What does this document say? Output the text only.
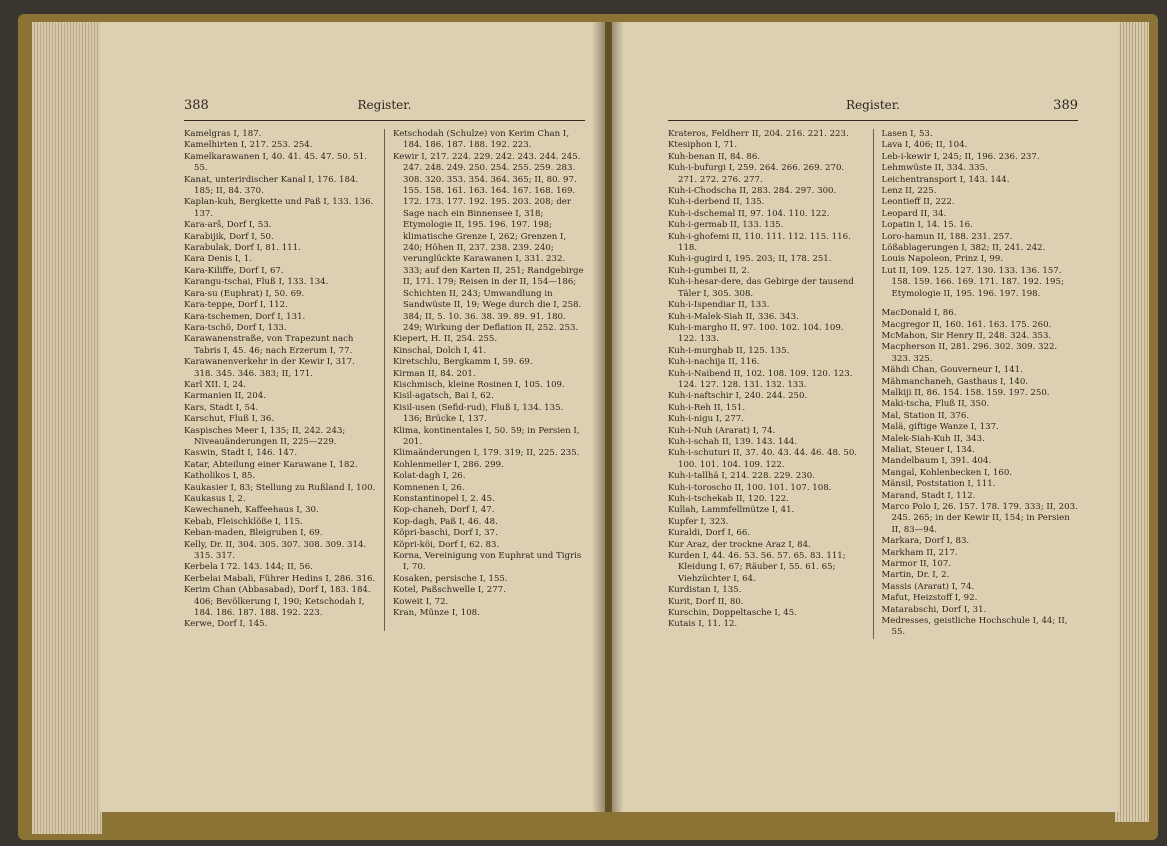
388	Register.

Kamelgras I, 187.

Kamelhirten I, 217. 253. 254.

Kamelkarawanen I, 40. 41. 45. 47. 50. 51. 55.

Kanat, unterirdischer Kanal I, 176. 184. 185; II, 84. 370.

Kaplan-kuh, Bergkette und Paß I, 133. 136. 137.

Kara-arš, Dorf I, 53.

Karabijik, Dorf I, 50.

Karabulak, Dorf I, 81. 111.

Kara Denis I, 1.

Kara-Kiliffe, Dorf I, 67.

Karangu-tschai, Fluß I, 133. 134.

Kara-su (Euphrat) I, 50. 69.

Kara-teppe, Dorf I, 112.

Kara-tschemen, Dorf I, 131.

Kara-tschö, Dorf I, 133.

Karawanenstraße, von Trapezunt nach Tabris I, 45. 46; nach Erzerum I, 77.

Karawanenverkehr in der Kewir I, 317. 318. 345. 346. 383; II, 171.

Karl XII. I, 24.

Karmanien II, 204.

Kars, Stadt I, 54.

Karschut, Fluß I, 36.

Kaspisches Meer I, 135; II, 242. 243; Niveauänderungen II, 225—229.

Kaswin, Stadt I, 146. 147.

Katar, Abteilung einer Karawane I, 182.

Katholikos I, 85.

Kaukasier I, 83; Stellung zu Rußland I, 100.

Kaukasus I, 2.

Kawechaneh, Kaffeehaus I, 30.

Kebab, Fleischklöße I, 115.

Keban-maden, Bleigruben I, 69.

Kelly, Dr. II, 304. 305. 307. 308. 309. 314. 315. 317.

Kerbela I 72. 143. 144; II, 56.

Kerbelai Mabali, Führer Hedins I, 286. 316.

Kerim Chan (Abbasabad), Dorf I, 183. 184. 406; Bevölkerung I, 190; Ketschodah I, 184. 186. 187. 188. 192. 223.

Kerwe, Dorf I, 145.

Ketschodah (Schulze) von Kerim Chan I, 184. 186. 187. 188. 192. 223.

Kewir I, 217. 224. 229. 242. 243. 244. 245. 247. 248. 249. 250. 254. 255. 259. 283. 308. 320. 353. 354. 364. 365; II, 80. 97. 155. 158. 161. 163. 164. 167. 168. 169. 172. 173. 177. 192. 195. 203. 208; der Sage nach ein Binnensee I, 318; Etymologie II, 195. 196. 197. 198; klimatische Grenze I, 262; Grenzen I, 240; Höhen II, 237. 238. 239. 240; verunglückte Karawanen I, 331. 232. 333; auf den Karten II, 251; Randgebirge II, 171. 179; Reisen in der II, 154—186; Schichten II, 243; Umwandlung in Sandwüste II, 19; Wege durch die I, 258. 384; II, 5. 10. 36. 38. 39. 89. 91. 180. 249; Wirkung der Deflation II, 252. 253.

Kiepert, H. II, 254. 255.

Kinschal, Dolch I, 41.

Kiretschlu, Bergkamm I, 59. 69.

Kirman II, 84. 201.

Kischmisch, kleine Rosinen I, 105. 109.

Kisil-agatsch, Bai I, 62.

Kisil-usen (Sefid-rud), Fluß I, 134. 135. 136; Brücke I, 137.

Klima, kontinentales I, 50. 59; in Persien I, 201.

Klimaänderungen I, 179. 319; II, 225. 235.

Kohlenmeiler I, 286. 299.

Kolat-dagh I, 26.

Komnenen I, 26.

Konstantinopel I, 2. 45.

Kop-chaneh, Dorf I, 47.

Kop-dagh, Paß I, 46. 48.

Köpri-baschi, Dorf I, 37.

Köpri-köi, Dorf I, 62. 83.

Korna, Vereinigung von Euphrat und Tigris I, 70.

Kosaken, persische I, 155.

Kotel, Paßschwelle I, 277.

Koweit I, 72.

Kran, Münze I, 108.

Register.	389

Krateros, Feldherr II, 204. 216. 221. 223.

Ktesiphon I, 71.

Kuh-benan II, 84. 86.

Kuh-i-bufurgi I, 259. 264. 266. 269. 270. 271. 272. 276. 277.

Kuh-i-Chodscha II, 283. 284. 297. 300.

Kuh-i-derbend II, 135.

Kuh-i-dschemal II, 97. 104. 110. 122.

Kuh-i-germab II, 133. 135.

Kuh-i-ghofemi II, 110. 111. 112. 115. 116. 118.

Kuh-i-gugird I, 195. 203; II, 178. 251.

Kuh-i-gumbei II, 2.

Kuh-i-hesar-dere, das Gebirge der tausend Täler I, 305. 308.

Kuh-i-Ispendiar II, 133.

Kuh-i-Malek-Siah II, 336. 343.

Kuh-i-margho II, 97. 100. 102. 104. 109. 122. 133.

Kuh-i-murghab II, 125. 135.

Kuh-i-nachija II, 116.

Kuh-i-Naibend II, 102. 108. 109. 120. 123. 124. 127. 128. 131. 132. 133.

Kuh-i-naftschir I, 240. 244. 250.

Kuh-i-Reh II, 151.

Kuh-i-nigu I, 277.

Kuh-i-Nuh (Ararat) I, 74.

Kuh-i-schah II, 139. 143. 144.

Kuh-i-schuturi II, 37. 40. 43. 44. 46. 48. 50. 100. 101. 104. 109. 122.

Kuh-i-tallhä I, 214. 228. 229. 230.

Kuh-i-toroscho II, 100. 101. 107. 108.

Kuh-i-tschekab II, 120. 122.

Kullah, Lammfellmütze I, 41.

Kupfer I, 323.

Kuraldi, Dorf I, 66.

Kur Araz, der trockne Araz I, 84.

Kurden I, 44. 46. 53. 56. 57. 65. 83. 111; Kleidung I, 67; Räuber I, 55. 61. 65; Viehzüchter I, 64.

Kurdistan I, 135.

Kurit, Dorf II, 80.

Kurschin, Doppeltasche I, 45.

Kutais I, 11. 12.

Lasen I, 53.

Lava I, 406; II, 104.

Leb-i-kewir I, 245; II, 196. 236. 237.

Lehmwüste II, 334. 335.

Leichentransport I, 143. 144.

Lenz II, 225.

Leontieff II, 222.

Leopard II, 34.

Lopatin I, 14. 15. 16.

Loro-hamun II, 188. 231. 257.

Lößablagerungen I, 382; II, 241. 242.

Louis Napoleon, Prinz I, 99.

Lut II, 109. 125. 127. 130. 133. 136. 157. 158. 159. 166. 169. 171. 187. 192. 195; Etymologie II, 195. 196. 197. 198.

MacDonald I, 86.

Macgregor II, 160. 161. 163. 175. 260.

McMahon, Sir Henry II, 248. 324. 353.

Macpherson II, 281. 296. 302. 309. 322. 323. 325.

Mähdi Chan, Gouverneur I, 141.

Mähmanchaneh, Gasthaus I, 140.

Malkiji II, 86. 154. 158. 159. 197. 250.

Maki-tscha, Fluß II, 350.

Mal, Station II, 376.

Malä, giftige Wanze I, 137.

Malek-Siah-Kuh II, 343.

Maliat, Steuer I, 134.

Mandelbaum I, 391. 404.

Mangal, Kohlenbecken I, 160.

Mänsil, Poststation I, 111.

Marand, Stadt I, 112.

Marco Polo I, 26. 157. 178. 179. 333; II, 203. 245. 265; in der Kewir II, 154; in Persien II, 83—94.

Markara, Dorf I, 83.

Markham II, 217.

Marmor II, 107.

Martin, Dr. I, 2.

Massis (Ararat) I, 74.

Mafut, Heizstoff I, 92.

Matarabschi, Dorf I, 31.

Medresses, geistliche Hochschule I, 44; II, 55.
